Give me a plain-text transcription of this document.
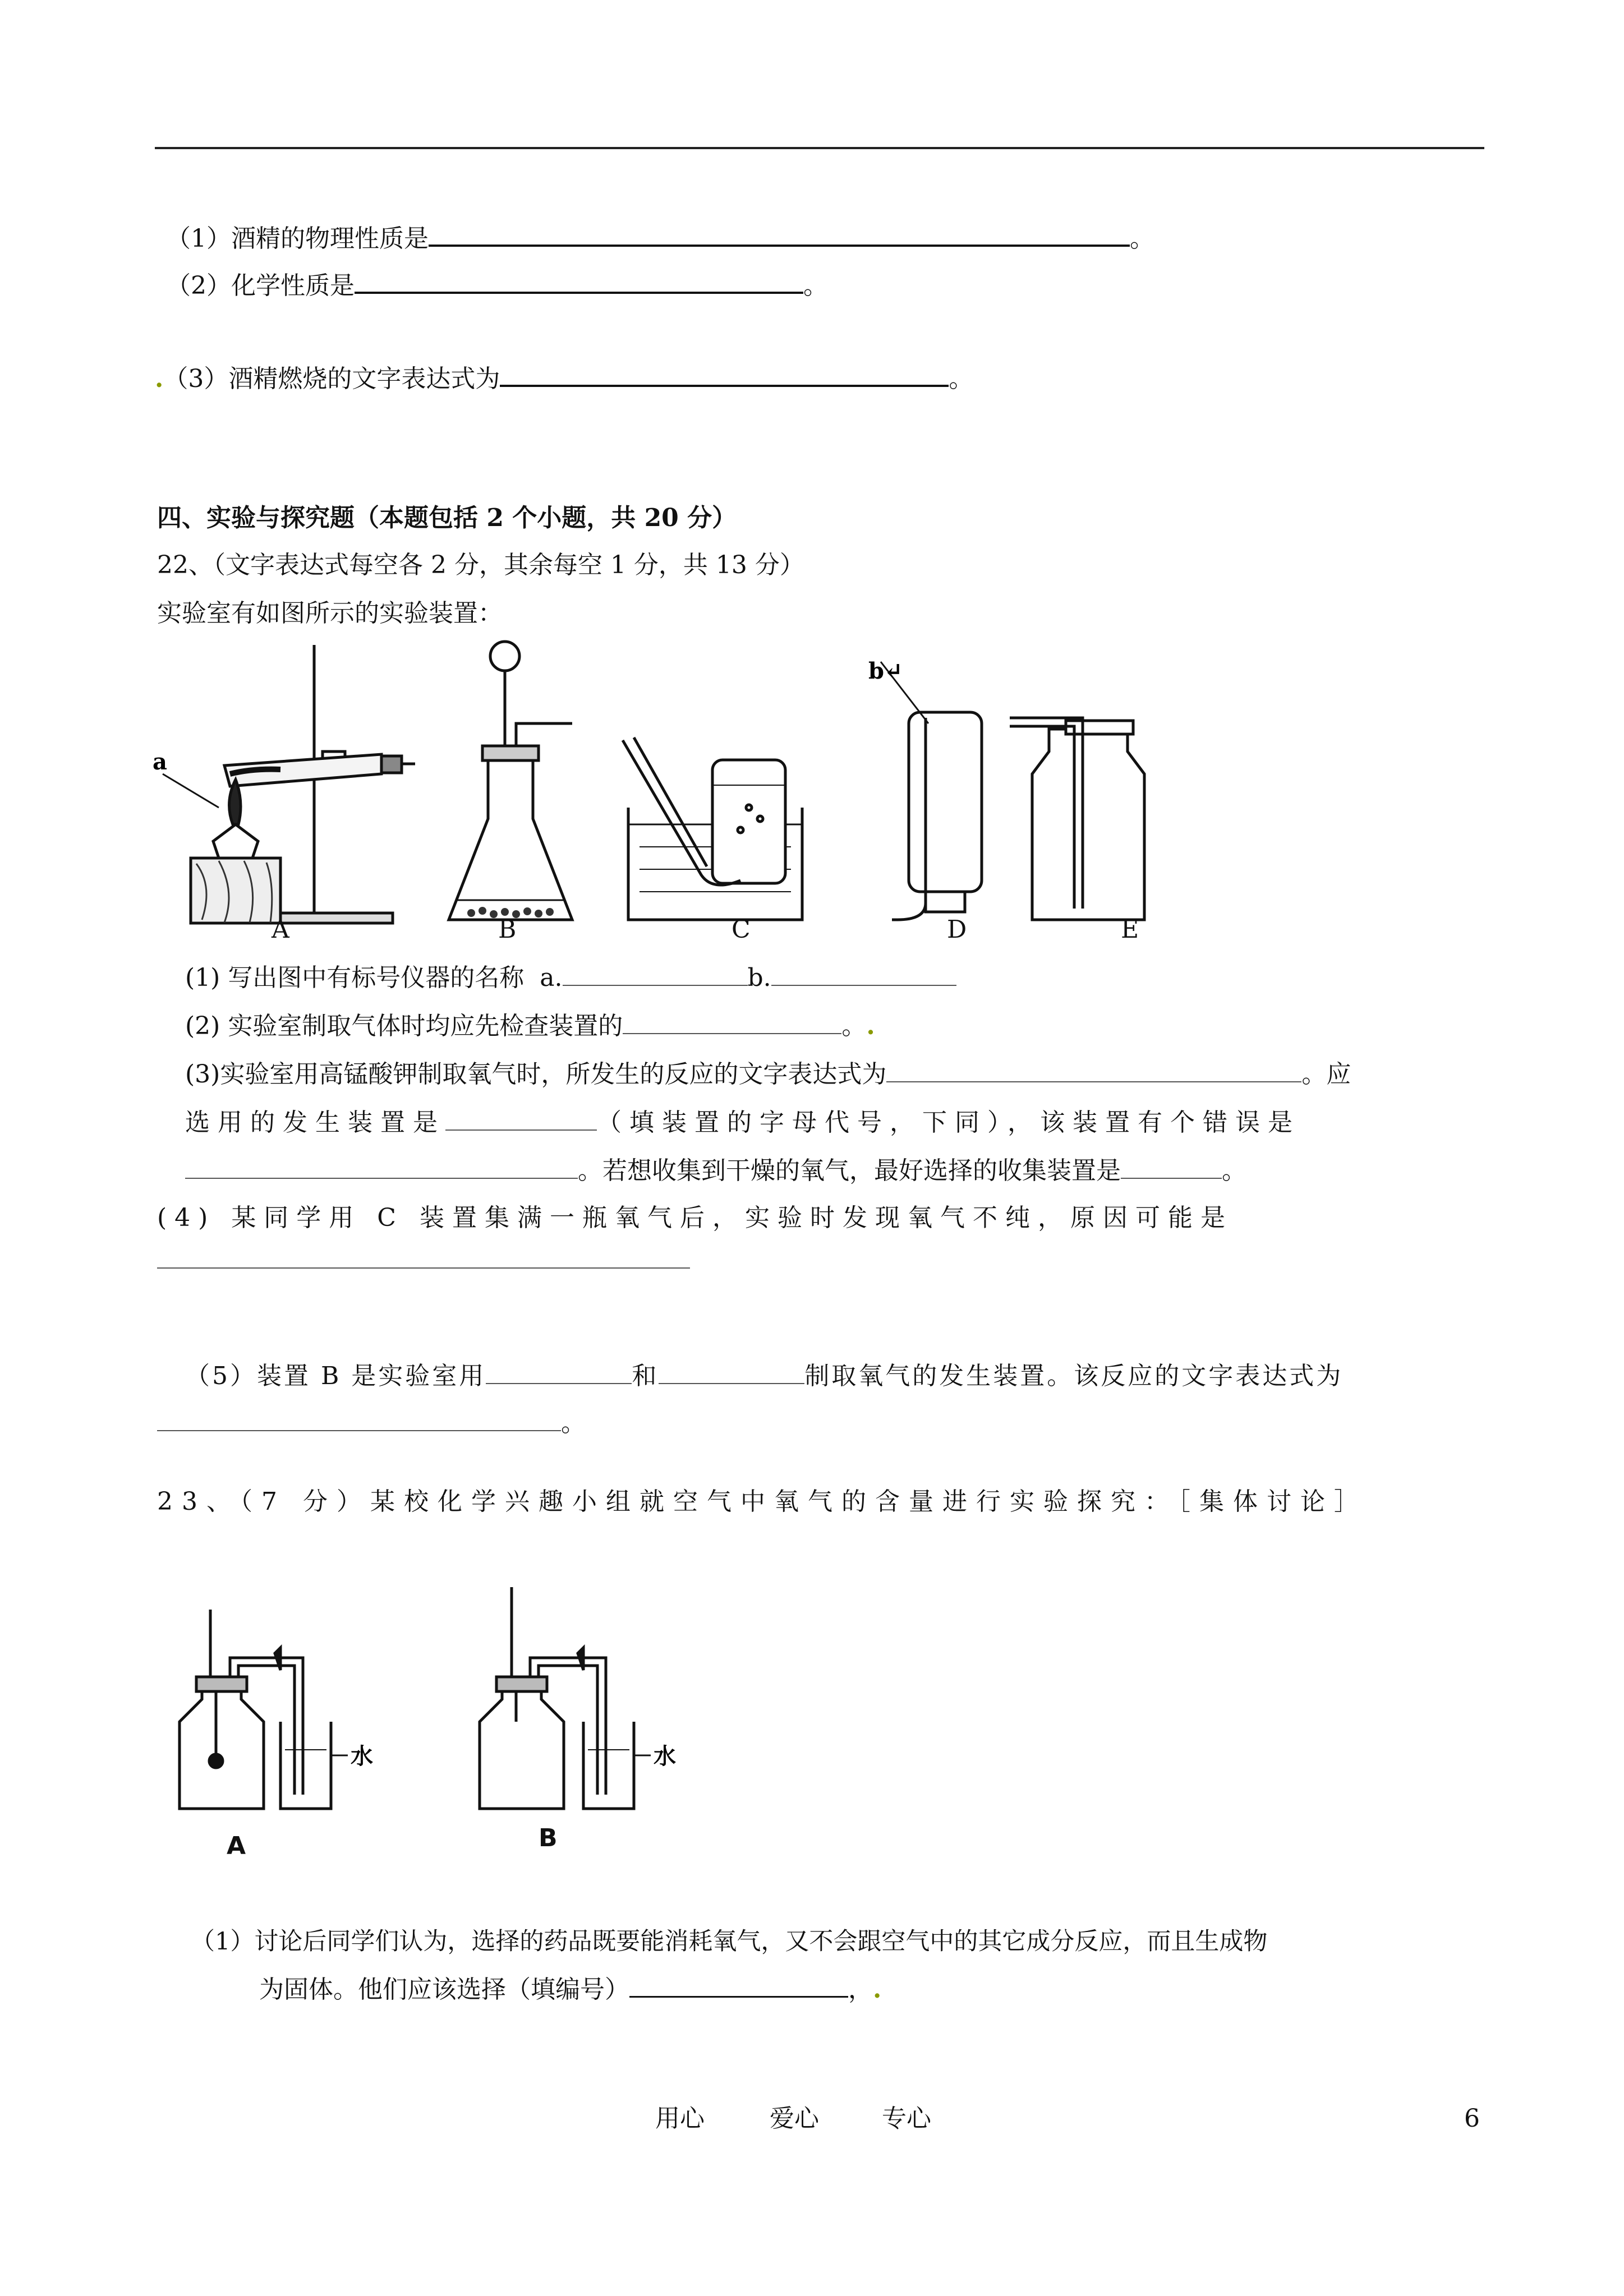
（1）酒精的物理性质是	。
（2）化学性质是	。
.（3）酒精燃烧的文字表达式为	。
四、实验与探究题（本题包括 2 个小题，共 20 分）
22、（文字表达式每空各 2 分，其余每空 1 分，共 13 分）
实验室有如图所示的实验装置：
a
b↵
A	B	C	D	E
(1) 写出图中有标号仪器的名称 a.	b.
(2) 实验室制取气体时均应先检查装置的	。.
(3)实验室用高锰酸钾制取氧气时，所发生的反应的文字表达式为	。应
选用的发生装置是	（填装置的字母代号，下同），该装置有个错误是
。若想收集到干燥的氧气，最好选择的收集装置是	。
(4) 某同学用 C 装置集满一瓶氧气后，实验时发现氧气不纯，原因可能是
（5）装置 B 是实验室用	和	制取氧气的发生装置。该反应的文字表达式为
。
23、（7 分）某校化学兴趣小组就空气中氧气的含量进行实验探究：［集体讨论］
水	水
A	B
（1）讨论后同学们认为，选择的药品既要能消耗氧气，又不会跟空气中的其它成分反应，而且生成物
为固体。他们应该选择（填编号）	，.
用心	爱心	专心	6
